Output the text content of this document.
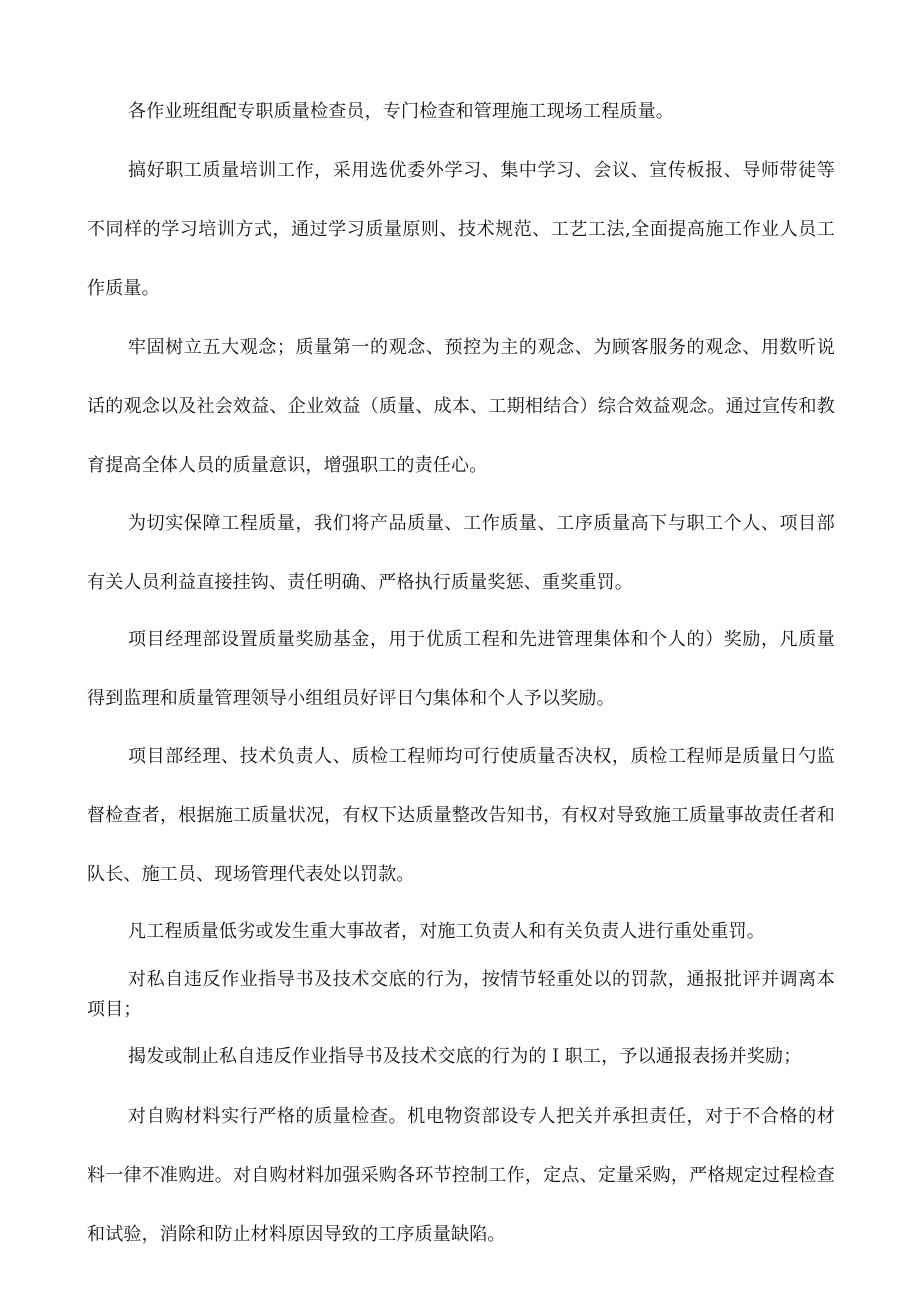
各作业班组配专职质量检查员，专门检查和管理施工现场工程质量。

搞好职工质量培训工作，采用选优委外学习、集中学习、会议、宣传板报、导师带徒等不同样的学习培训方式，通过学习质量原则、技术规范、工艺工法,全面提高施工作业人员工作质量。

牢固树立五大观念；质量第一的观念、预控为主的观念、为顾客服务的观念、用数听说话的观念以及社会效益、企业效益（质量、成本、工期相结合）综合效益观念。通过宣传和教育提高全体人员的质量意识，增强职工的责任心。

为切实保障工程质量，我们将产品质量、工作质量、工序质量高下与职工个人、项目部有关人员利益直接挂钩、责任明确、严格执行质量奖惩、重奖重罚。

项目经理部设置质量奖励基金，用于优质工程和先进管理集体和个人的）奖励，凡质量得到监理和质量管理领导小组组员好评日勺集体和个人予以奖励。

项目部经理、技术负责人、质检工程师均可行使质量否决权，质检工程师是质量日勺监督检查者，根据施工质量状况，有权下达质量整改告知书，有权对导致施工质量事故责任者和队长、施工员、现场管理代表处以罚款。

凡工程质量低劣或发生重大事故者，对施工负责人和有关负责人进行重处重罚。

对私自违反作业指导书及技术交底的行为，按情节轻重处以的罚款，通报批评并调离本项目；

揭发或制止私自违反作业指导书及技术交底的行为的Ｉ职工，予以通报表扬并奖励；

对自购材料实行严格的质量检查。机电物资部设专人把关并承担责任，对于不合格的材料一律不准购进。对自购材料加强采购各环节控制工作，定点、定量采购，严格规定过程检查和试验，消除和防止材料原因导致的工序质量缺陷。
